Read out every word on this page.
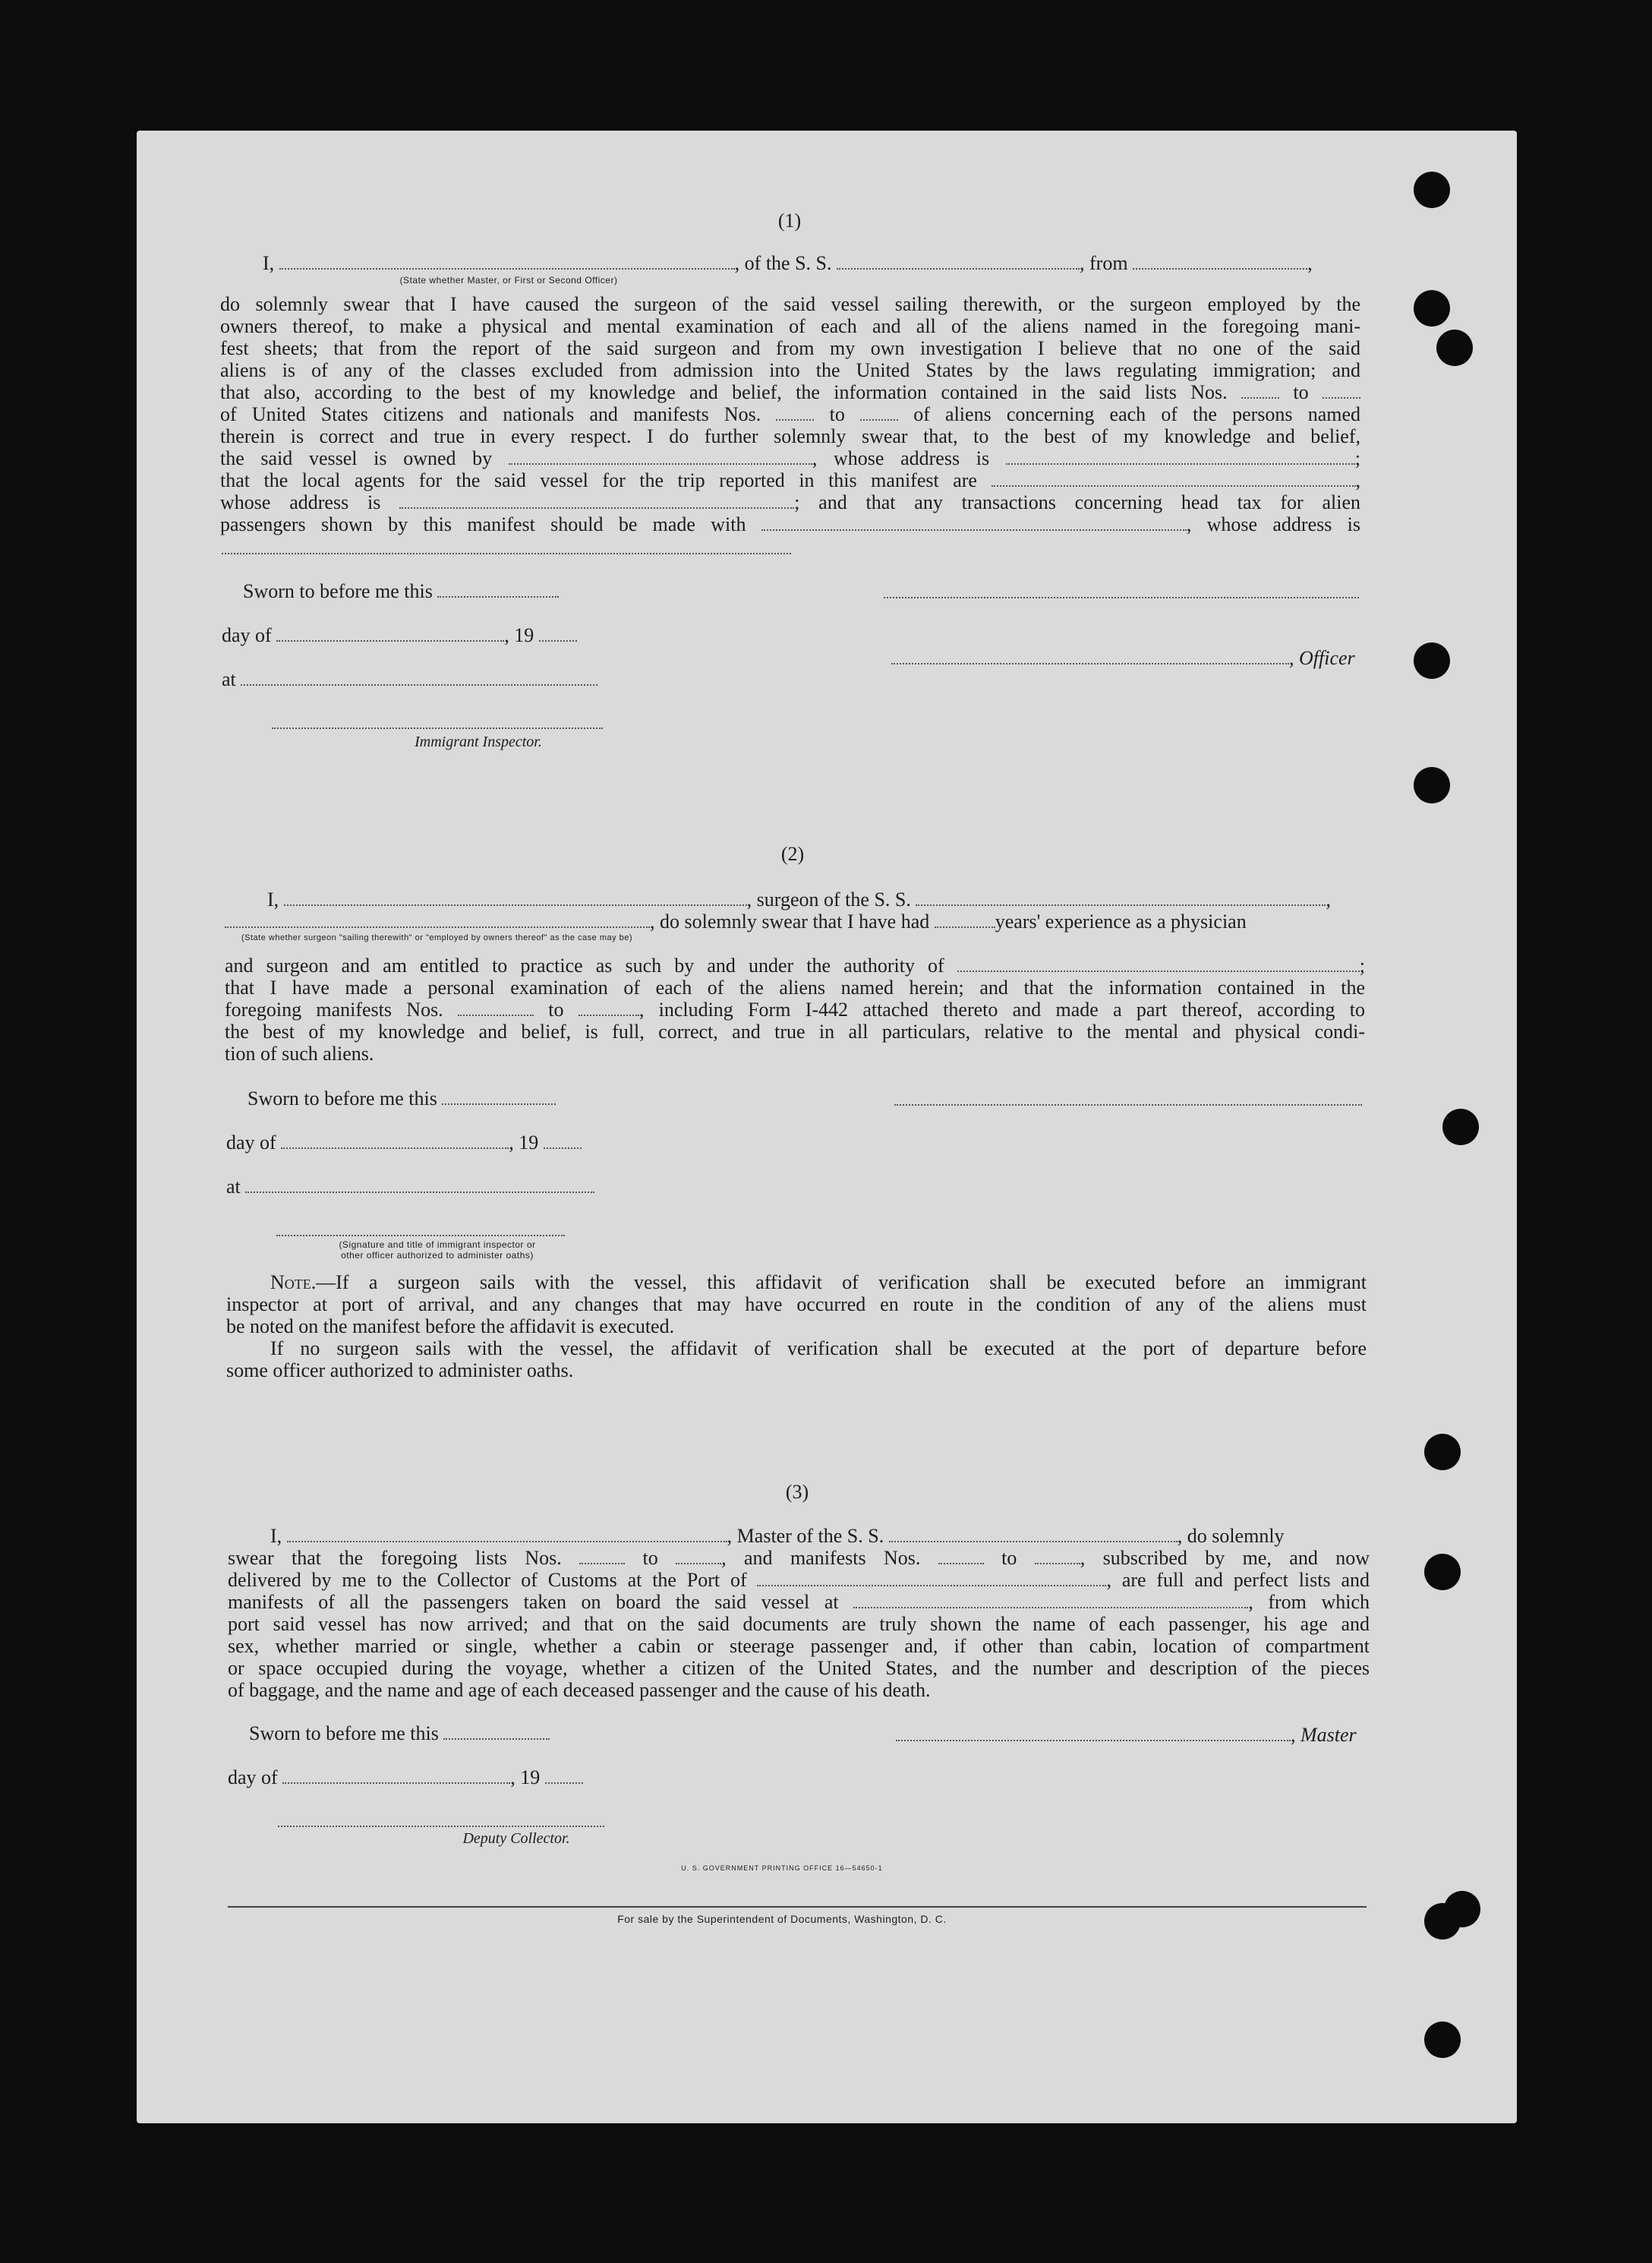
(1)
I,	, of the S. S.	, from	,
(State whether Master, or First or Second Officer)
do solemnly swear that I have caused the surgeon of the said vessel sailing therewith, or the surgeon employed by the
owners thereof, to make a physical and mental examination of each and all of the aliens named in the foregoing mani-
fest sheets; that from the report of the said surgeon and from my own investigation I believe that no one of the said
aliens is of any of the classes excluded from admission into the United States by the laws regulating immigration; and
that also, according to the best of my knowledge and belief, the information contained in the said lists Nos.	to
of United States citizens and nationals and manifests Nos.	to	of aliens concerning each of the persons named
therein is correct and true in every respect. I do further solemnly swear that, to the best of my knowledge and belief,
the said vessel is owned by	, whose address is	;
that the local agents for the said vessel for the trip reported in this manifest are	,
whose address is	; and that any transactions concerning head tax for alien
passengers shown by this manifest should be made with	, whose address is
Sworn to before me this
day of	, 19
, Officer
at
Immigrant Inspector.
(2)
I,	, surgeon of the S. S.	,
, do solemnly swear that I have had	years' experience as a physician
(State whether surgeon "sailing therewith" or "employed by owners thereof" as the case may be)
and surgeon and am entitled to practice as such by and under the authority of	;
that I have made a personal examination of each of the aliens named herein; and that the information contained in the
foregoing manifests Nos.	to	, including Form I-442 attached thereto and made a part thereof, according to
the best of my knowledge and belief, is full, correct, and true in all particulars, relative to the mental and physical condi-
tion of such aliens.
Sworn to before me this
day of	, 19
at
(Signature and title of immigrant inspector or
other officer authorized to administer oaths)
Note.—If a surgeon sails with the vessel, this affidavit of verification shall be executed before an immigrant
inspector at port of arrival, and any changes that may have occurred en route in the condition of any of the aliens must
be noted on the manifest before the affidavit is executed.
If no surgeon sails with the vessel, the affidavit of verification shall be executed at the port of departure before
some officer authorized to administer oaths.
(3)
I,	, Master of the S. S.	, do solemnly
swear that the foregoing lists Nos.	to	, and manifests Nos.	to	, subscribed by me, and now
delivered by me to the Collector of Customs at the Port of	, are full and perfect lists and
manifests of all the passengers taken on board the said vessel at	, from which
port said vessel has now arrived; and that on the said documents are truly shown the name of each passenger, his age and
sex, whether married or single, whether a cabin or steerage passenger and, if other than cabin, location of compartment
or space occupied during the voyage, whether a citizen of the United States, and the number and description of the pieces
of baggage, and the name and age of each deceased passenger and the cause of his death.
Sworn to before me this	, Master
day of	, 19
Deputy Collector.
U. S. GOVERNMENT PRINTING OFFICE 16—54650-1
For sale by the Superintendent of Documents, Washington, D. C.
